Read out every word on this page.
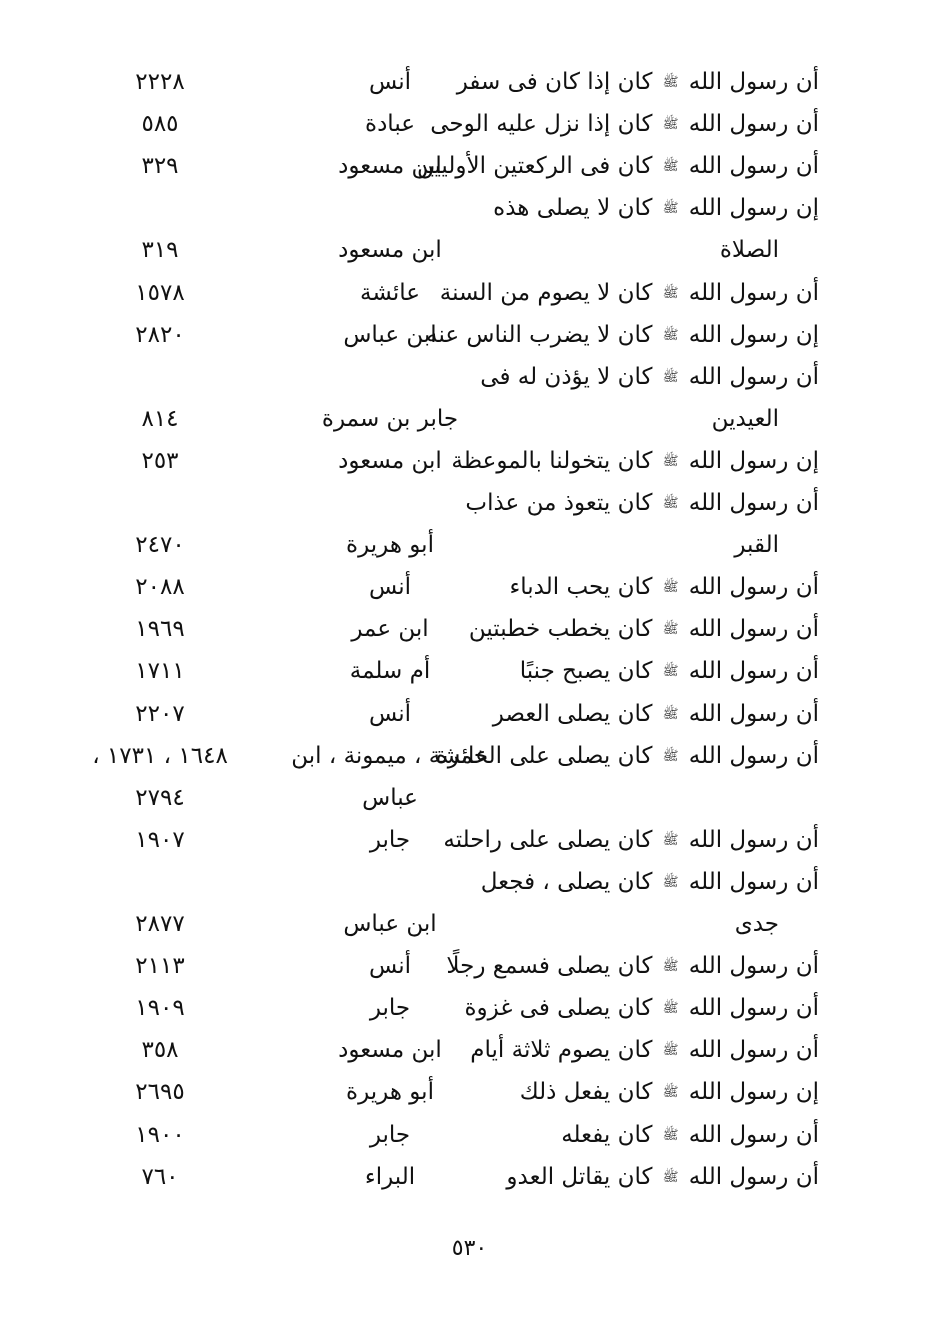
أن رسول الله ﷺ كان إذا كان فى سفر
أنس
٢٢٢٨
أن رسول الله ﷺ كان إذا نزل عليه الوحى
عبادة
٥٨٥
أن رسول الله ﷺ كان فى الركعتين الأوليين
ابن مسعود
٣٢٩
إن رسول الله ﷺ كان لا يصلى هذه
الصلاة
ابن مسعود
٣١٩
أن رسول الله ﷺ كان لا يصوم من السنة
عائشة
١٥٧٨
إن رسول الله ﷺ كان لا يضرب الناس عنه
ابن عباس
٢٨٢٠
أن رسول الله ﷺ كان لا يؤذن له فى
العيدين
جابر بن سمرة
٨١٤
إن رسول الله ﷺ كان يتخولنا بالموعظة
ابن مسعود
٢٥٣
أن رسول الله ﷺ كان يتعوذ من عذاب
القبر
أبو هريرة
٢٤٧٠
أن رسول الله ﷺ كان يحب الدباء
أنس
٢٠٨٨
أن رسول الله ﷺ كان يخطب خطبتين
ابن عمر
١٩٦٩
أن رسول الله ﷺ كان يصبح جنبًا
أم سلمة
١٧١١
أن رسول الله ﷺ كان يصلى العصر
أنس
٢٢٠٧
أن رسول الله ﷺ كان يصلى على الخمرة
عائشة ، ميمونة ، ابن
١٦٤٨ ، ١٧٣١ ،
عباس
٢٧٩٤
أن رسول الله ﷺ كان يصلى على راحلته
جابر
١٩٠٧
أن رسول الله ﷺ كان يصلى ، فجعل
جدى
ابن عباس
٢٨٧٧
أن رسول الله ﷺ كان يصلى فسمع رجلًا
أنس
٢١١٣
أن رسول الله ﷺ كان يصلى فى غزوة
جابر
١٩٠٩
أن رسول الله ﷺ كان يصوم ثلاثة أيام
ابن مسعود
٣٥٨
إن رسول الله ﷺ كان يفعل ذلك
أبو هريرة
٢٦٩٥
أن رسول الله ﷺ كان يفعله
جابر
١٩٠٠
أن رسول الله ﷺ كان يقاتل العدو
البراء
٧٦٠
٥٣٠
